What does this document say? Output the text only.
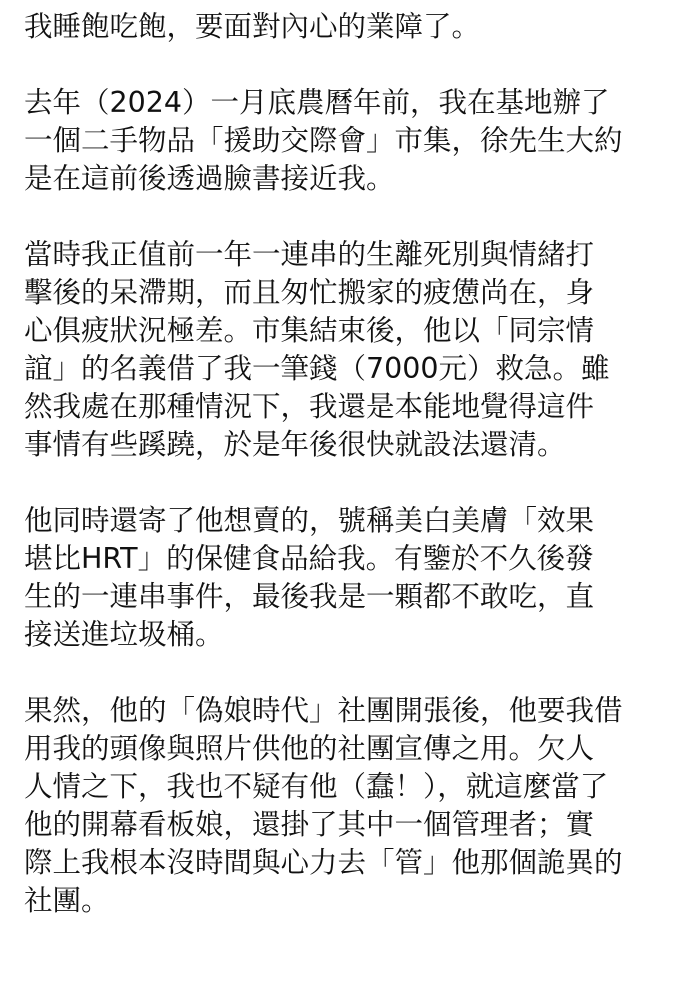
我睡飽吃飽，要面對內心的業障了。
去年（2024）一月底農曆年前，我在基地辦了
一個二手物品「援助交際會」市集，徐先生大約
是在這前後透過臉書接近我。
當時我正值前一年一連串的生離死別與情緒打
擊後的呆滯期，而且匆忙搬家的疲憊尚在，身
心俱疲狀況極差。市集結束後，他以「同宗情
誼」的名義借了我一筆錢（7000元）救急。雖
然我處在那種情況下，我還是本能地覺得這件
事情有些蹊蹺，於是年後很快就設法還清。
他同時還寄了他想賣的，號稱美白美膚「效果
堪比HRT」的保健食品給我。有鑒於不久後發
生的一連串事件，最後我是一顆都不敢吃，直
接送進垃圾桶。
果然，他的「偽娘時代」社團開張後，他要我借
用我的頭像與照片供他的社團宣傳之用。欠人
人情之下，我也不疑有他（蠢！），就這麼當了
他的開幕看板娘，還掛了其中一個管理者；實
際上我根本沒時間與心力去「管」他那個詭異的
社團。
